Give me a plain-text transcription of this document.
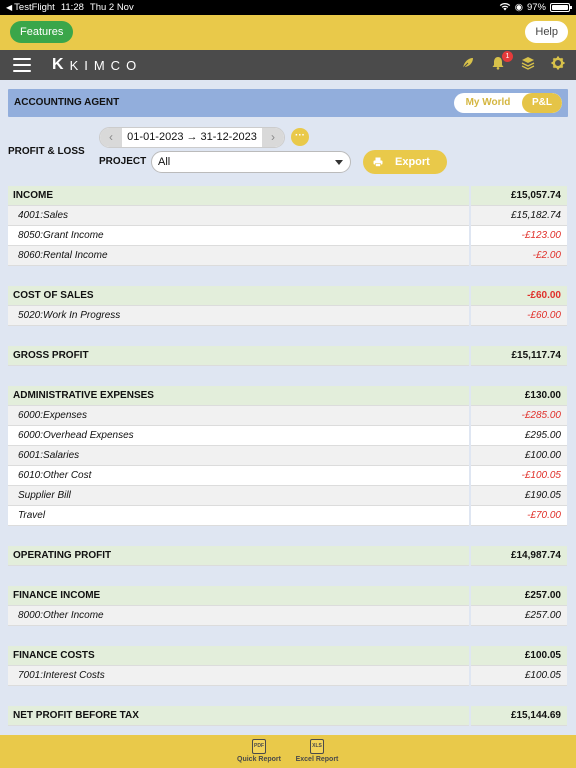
◀ TestFlight 11:28 Thu 2 Nov	◉ 97%
Features	Help
K KIMCO
1
ACCOUNTING AGENT	My World	P&L
PROFIT & LOSS
‹	01-01-2023 → 31-12-2023	›	···
PROJECT	All	Export
INCOME	£15,057.74
4001:Sales	£15,182.74
8050:Grant Income	-£123.00
8060:Rental Income	-£2.00
COST OF SALES	-£60.00
5020:Work In Progress	-£60.00
GROSS PROFIT	£15,117.74
ADMINISTRATIVE EXPENSES	£130.00
6000:Expenses	-£285.00
6000:Overhead Expenses	£295.00
6001:Salaries	£100.00
6010:Other Cost	-£100.05
Supplier Bill	£190.05
Travel	-£70.00
OPERATING PROFIT	£14,987.74
FINANCE INCOME	£257.00
8000:Other Income	£257.00
FINANCE COSTS	£100.05
7001:Interest Costs	£100.05
NET PROFIT BEFORE TAX	£15,144.69
PDF
Quick Report
XLS
Excel Report
